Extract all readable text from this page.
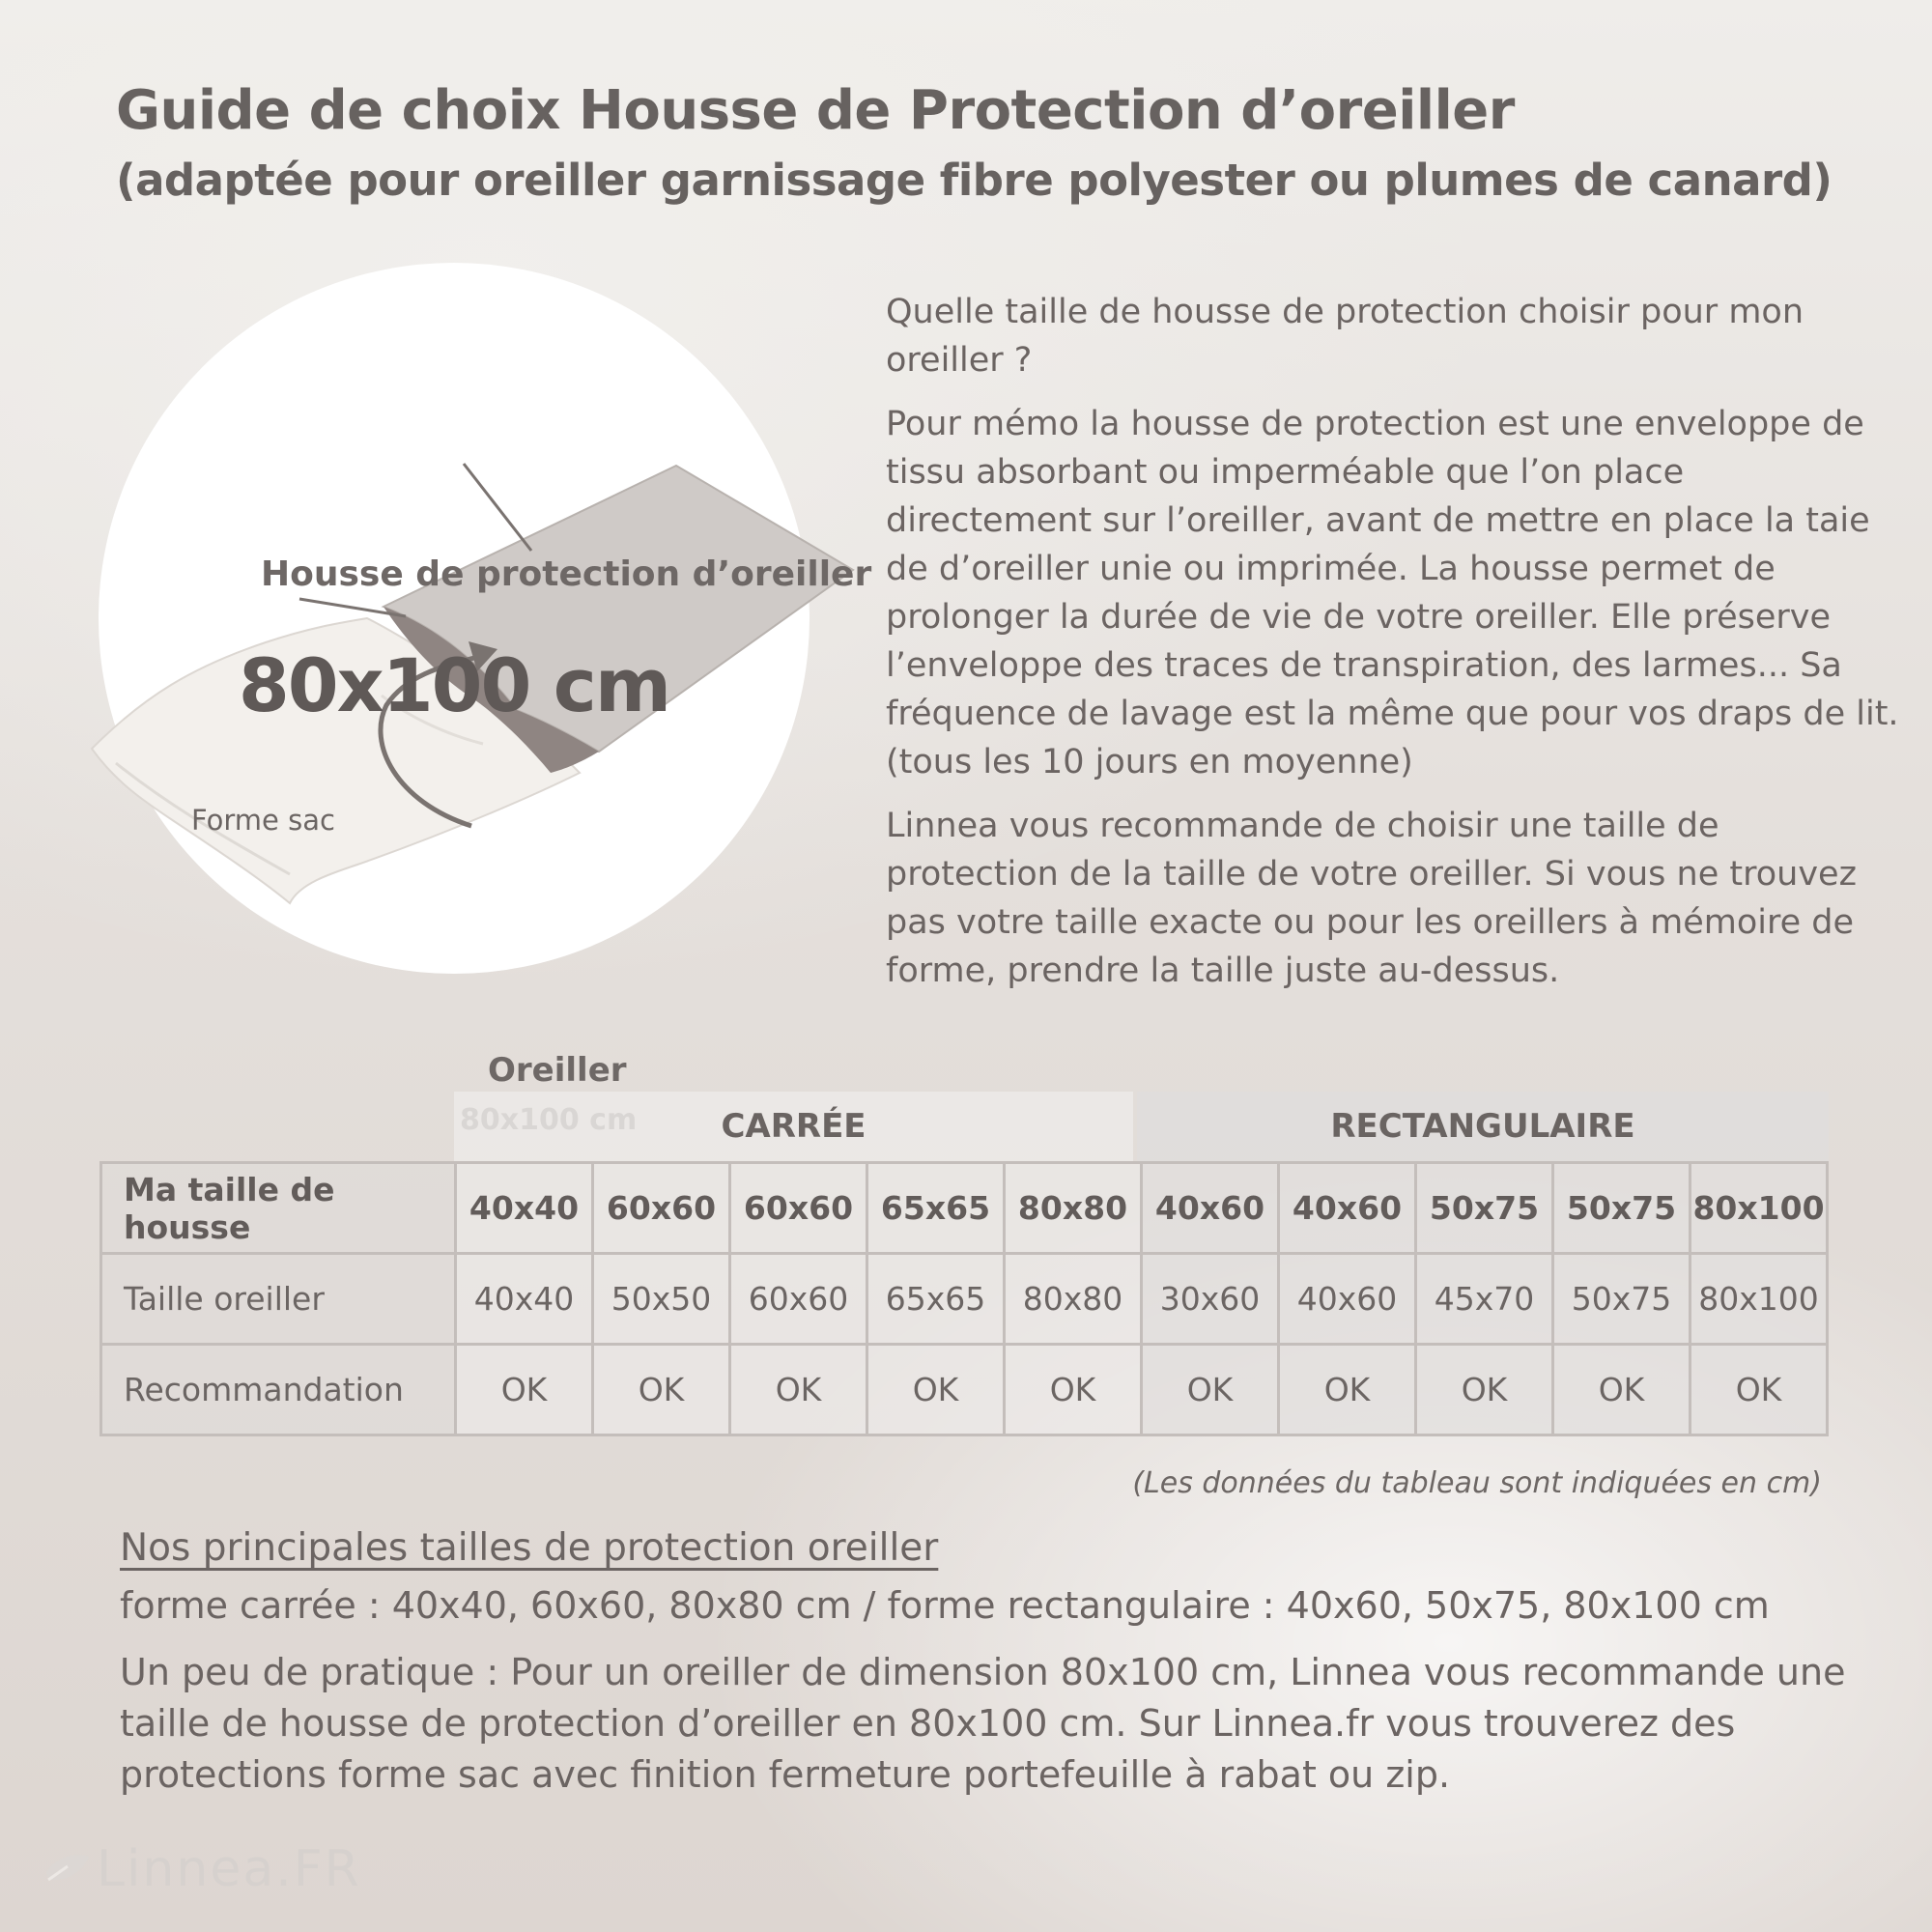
Guide de choix Housse de Protection d’oreiller
(adaptée pour oreiller garnissage fibre polyester ou plumes de canard)
Housse de protection d’oreiller
80x100 cm
Forme sac
Oreiller

Quelle taille de housse de protection choisir pour mon oreiller ?

Pour mémo la housse de protection est une enveloppe de tissu absorbant ou imperméable que l’on place directement sur l’oreiller, avant de mettre en place la taie de d’oreiller unie ou imprimée. La housse permet de prolonger la durée de vie de votre oreiller. Elle préserve l’enveloppe des traces de transpiration, des larmes... Sa fréquence de lavage est la même que pour vos draps de lit. (tous les 10 jours en moyenne)

Linnea vous recommande de choisir une taille de protection de la taille de votre oreiller. Si vous ne trouvez pas votre taille exacte ou pour les oreillers à mémoire de forme, prendre la taille juste au-dessus.

CARRÉE	RECTANGULAIRE
Ma taille de housse	40x40	60x60	60x60	65x65	80x80	40x60	40x60	50x75	50x75	80x100
Taille oreiller	40x40	50x50	60x60	65x65	80x80	30x60	40x60	45x70	50x75	80x100
Recommandation	OK	OK	OK	OK	OK	OK	OK	OK	OK	OK
(Les données du tableau sont indiquées en cm)
Nos principales tailles de protection oreiller
forme carrée : 40x40, 60x60, 80x80 cm / forme rectangulaire : 40x60, 50x75, 80x100 cm
Un peu de pratique : Pour un oreiller de dimension 80x100 cm, Linnea vous recommande une taille de housse de protection d’oreiller en 80x100 cm. Sur Linnea.fr vous trouverez des protections forme sac avec finition fermeture portefeuille à rabat ou zip.
Linnea.FR
